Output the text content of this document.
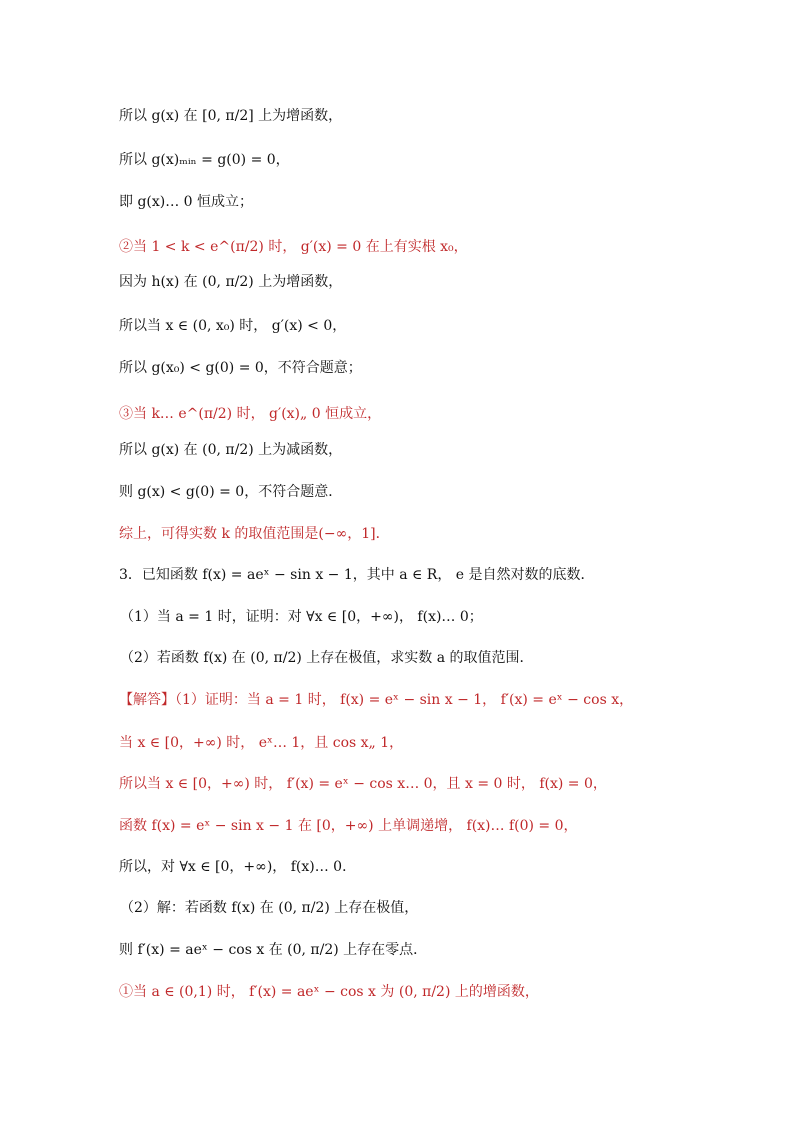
所以 g(x) 在 [0, π/2] 上为增函数，
所以 g(x)ₘᵢₙ = g(0) = 0，
即 g(x)… 0 恒成立；
②当 1 < k < e^(π/2) 时， g′(x) = 0 在上有实根 x₀，
因为 h(x) 在 (0, π/2) 上为增函数，
所以当 x ∈ (0, x₀) 时， g′(x) < 0，
所以 g(x₀) < g(0) = 0，不符合题意；
③当 k… e^(π/2) 时， g′(x)„ 0 恒成立，
所以 g(x) 在 (0, π/2) 上为减函数，
则 g(x) < g(0) = 0，不符合题意．
综上，可得实数 k 的取值范围是(−∞，1]．
3．已知函数 f(x) = aeˣ − sin x − 1，其中 a ∈ R， e 是自然对数的底数．
（1）当 a = 1 时，证明：对 ∀x ∈ [0，+∞)， f(x)… 0；
（2）若函数 f(x) 在 (0, π/2) 上存在极值，求实数 a 的取值范围．
【解答】（1）证明：当 a = 1 时， f(x) = eˣ − sin x − 1， f′(x) = eˣ − cos x，
当 x ∈ [0，+∞) 时， eˣ… 1，且 cos x„ 1，
所以当 x ∈ [0，+∞) 时， f′(x) = eˣ − cos x… 0，且 x = 0 时， f(x) = 0，
函数 f(x) = eˣ − sin x − 1 在 [0，+∞) 上单调递增， f(x)… f(0) = 0，
所以，对 ∀x ∈ [0，+∞)， f(x)… 0．
（2）解：若函数 f(x) 在 (0, π/2) 上存在极值，
则 f′(x) = aeˣ − cos x 在 (0, π/2) 上存在零点．
①当 a ∈ (0,1) 时， f′(x) = aeˣ − cos x 为 (0, π/2) 上的增函数，
